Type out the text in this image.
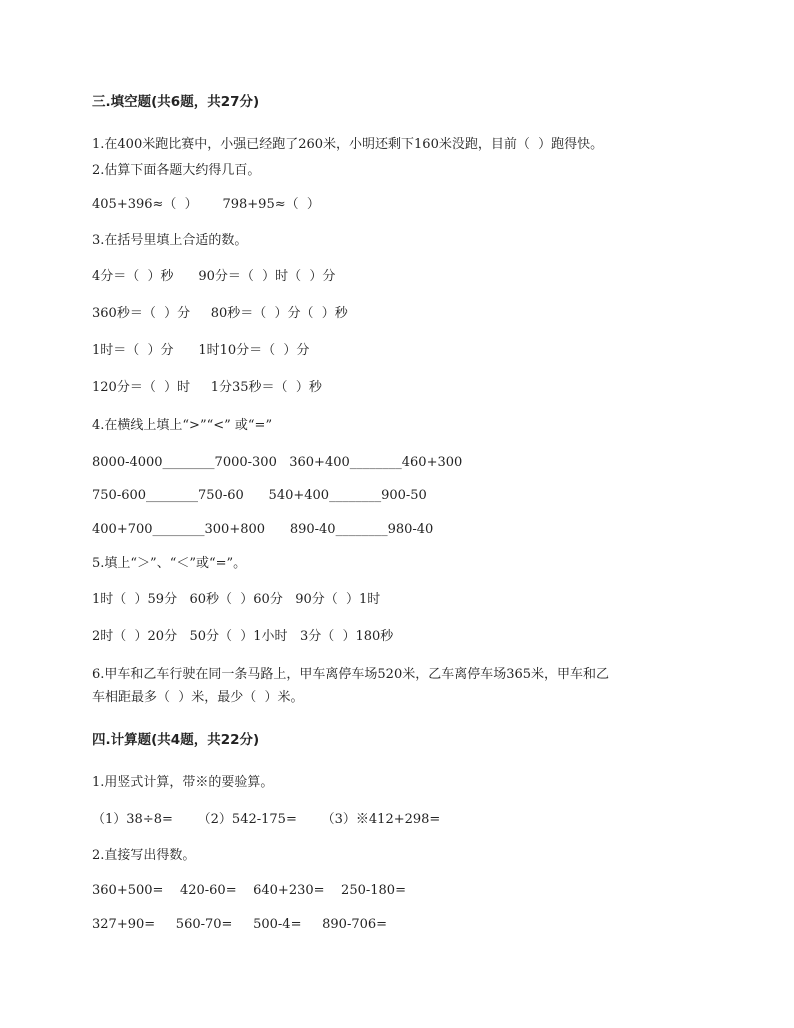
三.填空题(共6题，共27分)
1.在400米跑比赛中，小强已经跑了260米，小明还剩下160米没跑，目前（  ）跑得快。
2.估算下面各题大约得几百。
405+396≈（  ）      798+95≈（  ）
3.在括号里填上合适的数。
4分＝（  ）秒      90分＝（  ）时（  ）分
360秒＝（  ）分     80秒＝（  ）分（  ）秒
1时＝（  ）分      1时10分＝（  ）分
120分＝（  ）时     1分35秒＝（  ）秒
4.在横线上填上“>”“<” 或“=”
8000-4000________7000-300   360+400________460+300
750-600________750-60      540+400________900-50
400+700________300+800      890-40________980-40
5.填上“＞”、“＜”或“=”。
1时（  ）59分   60秒（  ）60分   90分（  ）1时
2时（  ）20分   50分（  ）1小时   3分（  ）180秒
6.甲车和乙车行驶在同一条马路上，甲车离停车场520米，乙车离停车场365米，甲车和乙
车相距最多（  ）米，最少（  ）米。
四.计算题(共4题，共22分)
1.用竖式计算，带※的要验算。
（1）38÷8=      （2）542-175=      （3）※412+298=
2.直接写出得数。
360+500=    420-60=    640+230=    250-180=
327+90=     560-70=     500-4=     890-706=
